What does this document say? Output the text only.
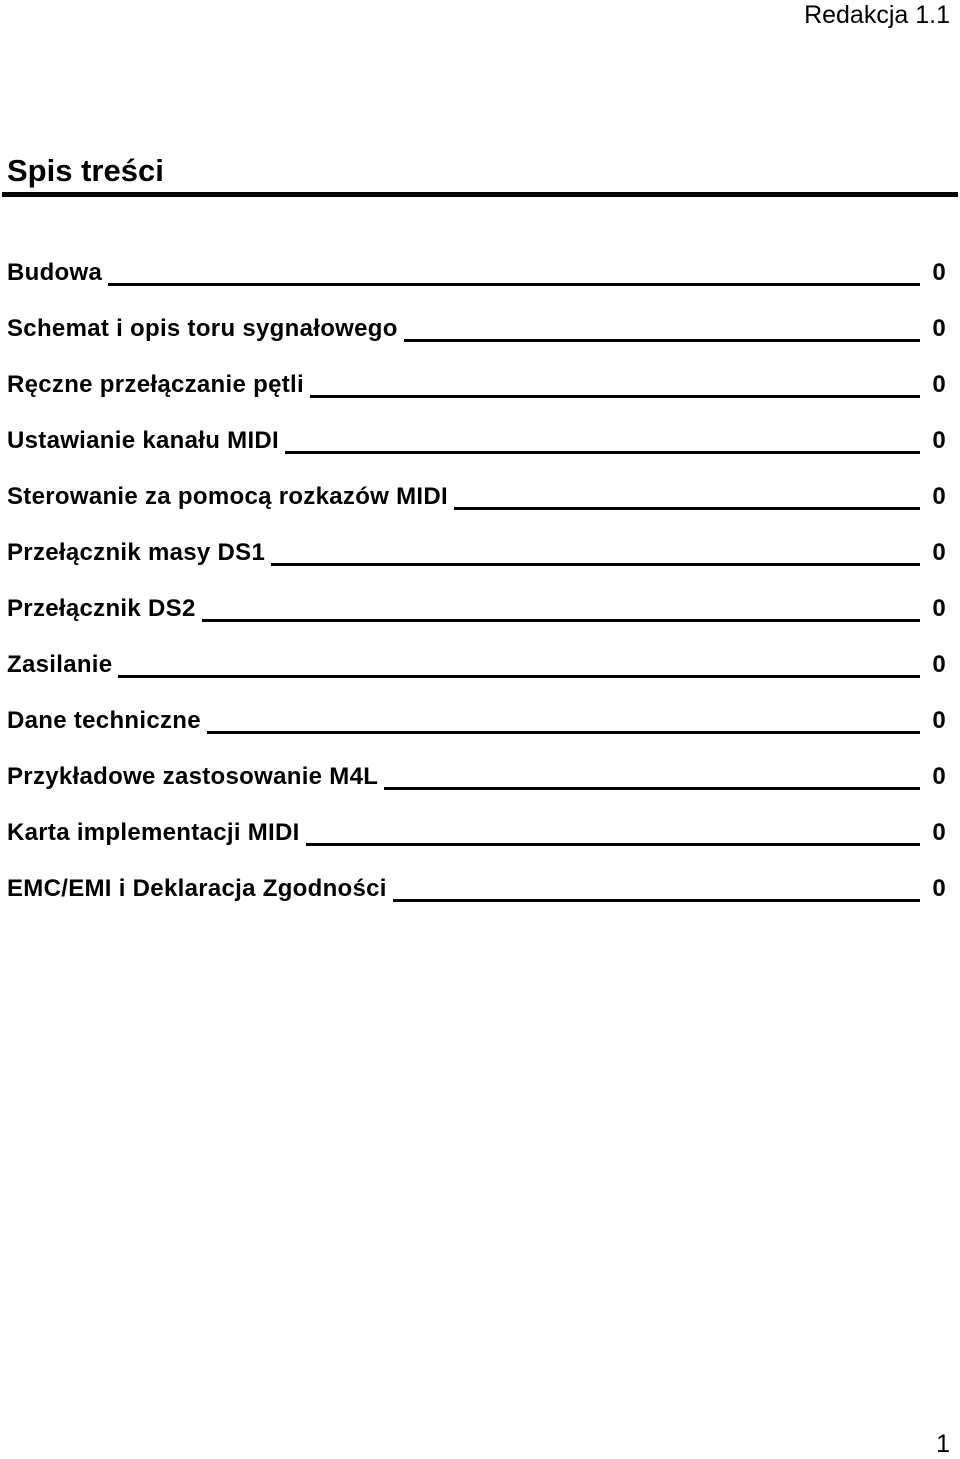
Redakcja 1.1
Spis treści
Budowa	0
Schemat i opis toru sygnałowego	0
Ręczne przełączanie pętli	0
Ustawianie kanału MIDI	0
Sterowanie za pomocą rozkazów MIDI	0
Przełącznik masy DS1	0
Przełącznik DS2	0
Zasilanie	0
Dane techniczne	0
Przykładowe zastosowanie M4L	0
Karta implementacji MIDI	0
EMC/EMI i Deklaracja Zgodności	0
1
